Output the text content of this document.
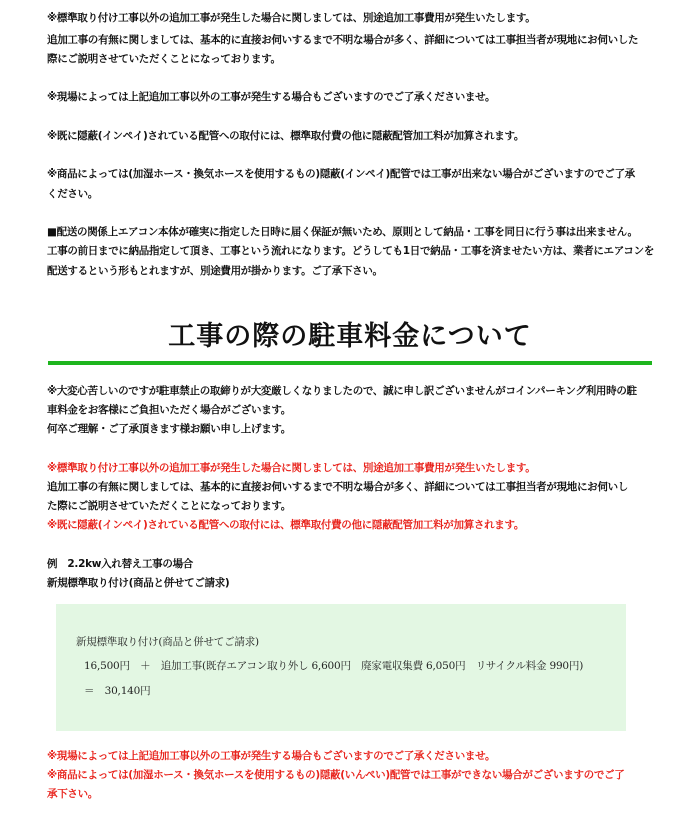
※標準取り付け工事以外の追加工事が発生した場合に関しましては、別途追加工事費用が発生いたします。

追加工事の有無に関しましては、基本的に直接お伺いするまで不明な場合が多く、詳細については工事担当者が現地にお伺いした

際にご説明させていただくことになっております。

※現場によっては上記追加工事以外の工事が発生する場合もございますのでご了承くださいませ。

※既に隠蔽(インペイ)されている配管への取付には、標準取付費の他に隠蔽配管加工料が加算されます。

※商品によっては(加湿ホース・換気ホースを使用するもの)隠蔽(インペイ)配管では工事が出来ない場合がございますのでご了承

ください。

■配送の関係上エアコン本体が確実に指定した日時に届く保証が無いため、原則として納品・工事を同日に行う事は出来ません。

工事の前日までに納品指定して頂き、工事という流れになります。どうしても1日で納品・工事を済ませたい方は、業者にエアコンを

配送するという形もとれますが、別途費用が掛かります。ご了承下さい。

工事の際の駐車料金について

※大変心苦しいのですが駐車禁止の取締りが大変厳しくなりましたので、誠に申し訳ございませんがコインパーキング利用時の駐

車料金をお客様にご負担いただく場合がございます。

何卒ご理解・ご了承頂きます様お願い申し上げます。

※標準取り付け工事以外の追加工事が発生した場合に関しましては、別途追加工事費用が発生いたします。

追加工事の有無に関しましては、基本的に直接お伺いするまで不明な場合が多く、詳細については工事担当者が現地にお伺いし

た際にご説明させていただくことになっております。

※既に隠蔽(インペイ)されている配管への取付には、標準取付費の他に隠蔽配管加工料が加算されます。

例　2.2kw入れ替え工事の場合

新規標準取り付け(商品と併せてご請求)

新規標準取り付け(商品と併せてご請求)

16,500円　＋　追加工事(既存エアコン取り外し 6,600円　廃家電収集費 6,050円　リサイクル料金 990円)

＝　30,140円

※現場によっては上記追加工事以外の工事が発生する場合もございますのでご了承くださいませ。

※商品によっては(加湿ホース・換気ホースを使用するもの)隠蔽(いんぺい)配管では工事ができない場合がございますのでご了

承下さい。
